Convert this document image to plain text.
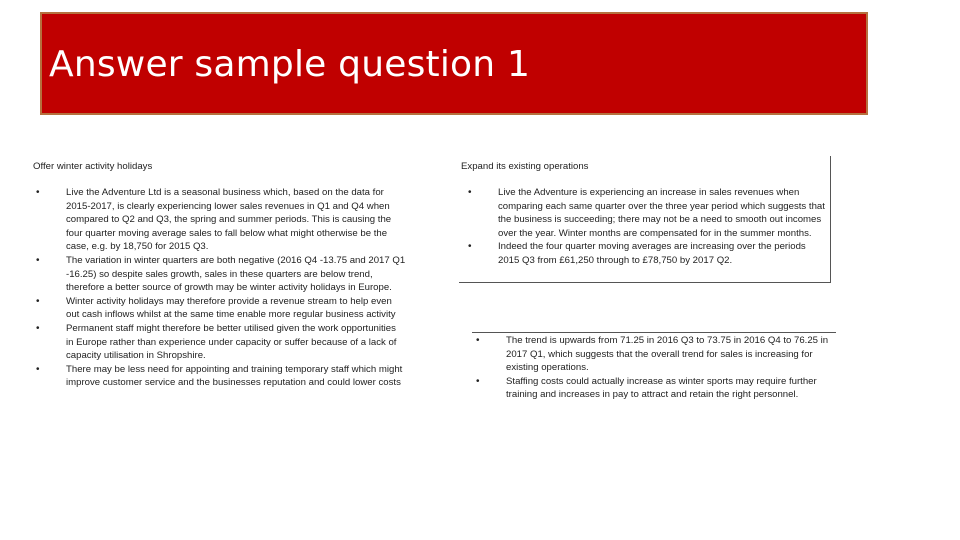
Answer sample question 1

Offer winter activity holidays

• Live the Adventure Ltd is a seasonal business which, based on the data for 2015-2017, is clearly experiencing lower sales revenues in Q1 and Q4 when compared to Q2 and Q3, the spring and summer periods. This is causing the four quarter moving average sales to fall below what might otherwise be the case, e.g. by 18,750 for 2015 Q3.
• The variation in winter quarters are both negative (2016 Q4 -13.75 and 2017 Q1 -16.25) so despite sales growth, sales in these quarters are below trend, therefore a better source of growth may be winter activity holidays in Europe.
• Winter activity holidays may therefore provide a revenue stream to help even out cash inflows whilst at the same time enable more regular business activity
• Permanent staff might therefore be better utilised given the work opportunities in Europe rather than experience under capacity or suffer because of a lack of capacity utilisation in Shropshire.
• There may be less need for appointing and training temporary staff which might improve customer service and the businesses reputation and could lower costs

Expand its existing operations

• Live the Adventure is experiencing an increase in sales revenues when comparing each same quarter over the three year period which suggests that the business is succeeding; there may not be a need to smooth out incomes over the year. Winter months are compensated for in the summer months.
• Indeed the four quarter moving averages are increasing over the periods 2015 Q3 from £61,250 through to £78,750 by 2017 Q2.
• The trend is upwards from 71.25 in 2016 Q3 to 73.75 in 2016 Q4 to 76.25 in 2017 Q1, which suggests that the overall trend for sales is increasing for existing operations.
• Staffing costs could actually increase as winter sports may require further training and increases in pay to attract and retain the right personnel.
